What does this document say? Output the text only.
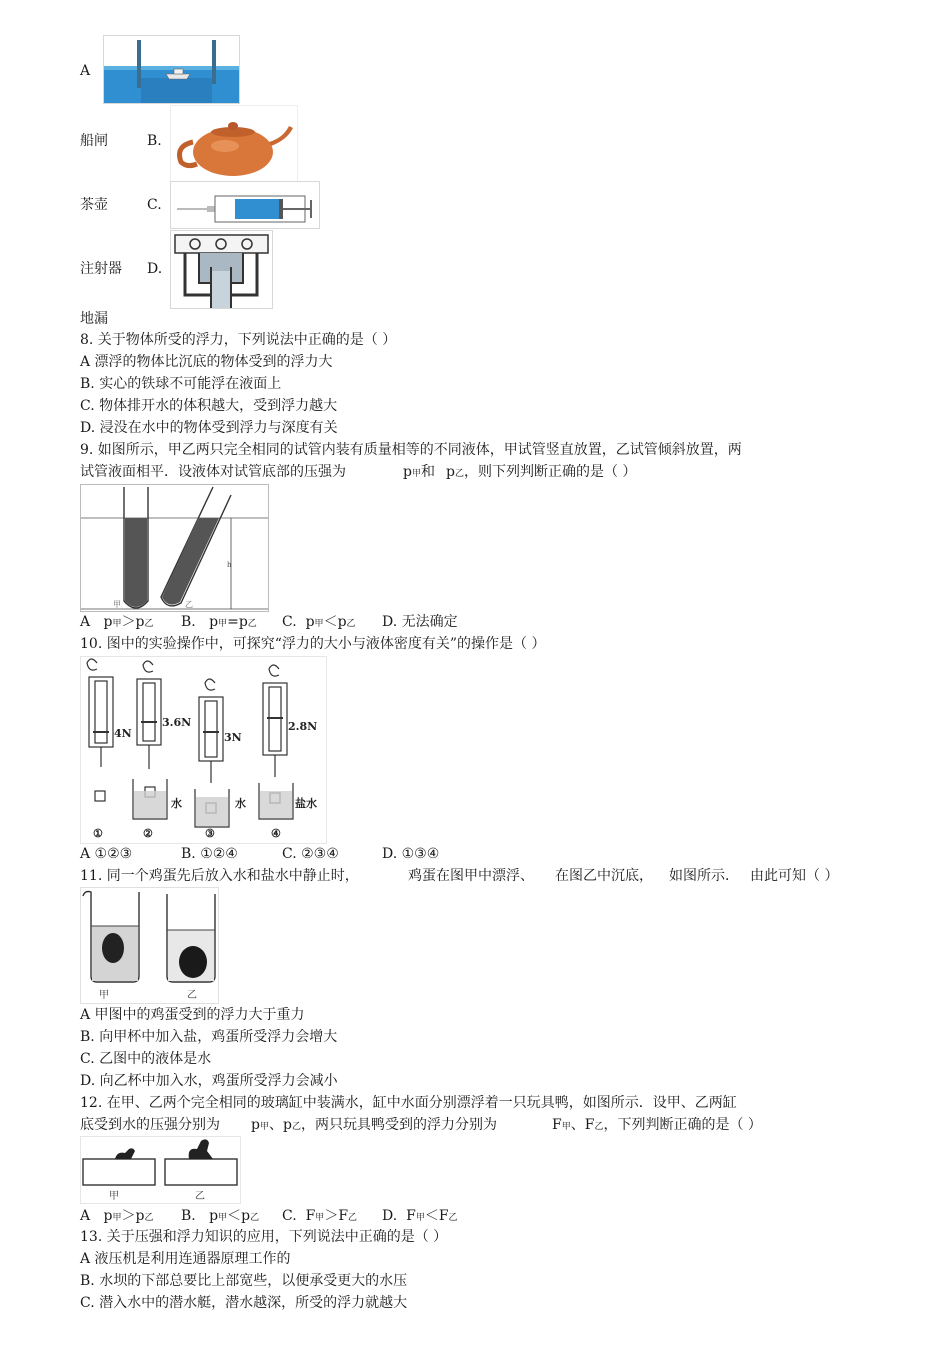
A
船闸	B.
茶壶	C.
注射器 D.
地漏
8. 关于物体所受的浮力，下列说法中正确的是（ ）
A 漂浮的物体比沉底的物体受到的浮力大
B. 实心的铁球不可能浮在液面上
C. 物体排开水的体积越大，受到浮力越大
D. 浸没在水中的物体受到浮力与深度有关
9. 如图所示，甲乙两只完全相同的试管内装有质量相等的不同液体，甲试管竖直放置，乙试管倾斜放置，两
试管液面相平．设液体对试管底部的压强为	p甲和 p乙，则下列判断正确的是（ ）
h
甲	乙
A p甲＞p乙 B. p甲=p乙 C. p甲＜p乙 D. 无法确定
10. 图中的实验操作中，可探究“浮力的大小与液体密度有关”的操作是（ ）
4N
3.6N
3N
2.8N
水	水	盐水
①	②	③	④
A ①②③	B. ①②④	C. ②③④	D. ①③④
11. 同一个鸡蛋先后放入水和盐水中静止时，	鸡蛋在图甲中漂浮、 在图乙中沉底， 如图所示． 由此可知（ ）
甲	乙
A 甲图中的鸡蛋受到的浮力大于重力
B. 向甲杯中加入盐，鸡蛋所受浮力会增大
C. 乙图中的液体是水
D. 向乙杯中加入水，鸡蛋所受浮力会减小
12. 在甲、乙两个完全相同的玻璃缸中装满水，缸中水面分别漂浮着一只玩具鸭，如图所示．设甲、乙两缸
底受到水的压强分别为 p甲、p乙，两只玩具鸭受到的浮力分别为	F甲、F乙，下列判断正确的是（ ）
甲	乙
A p甲＞p乙 B. p甲＜p乙 C. F甲＞F乙 D. F甲＜F乙
13. 关于压强和浮力知识的应用，下列说法中正确的是（ ）
A 液压机是利用连通器原理工作的
B. 水坝的下部总要比上部宽些，以便承受更大的水压
C. 潜入水中的潜水艇，潜水越深，所受的浮力就越大
